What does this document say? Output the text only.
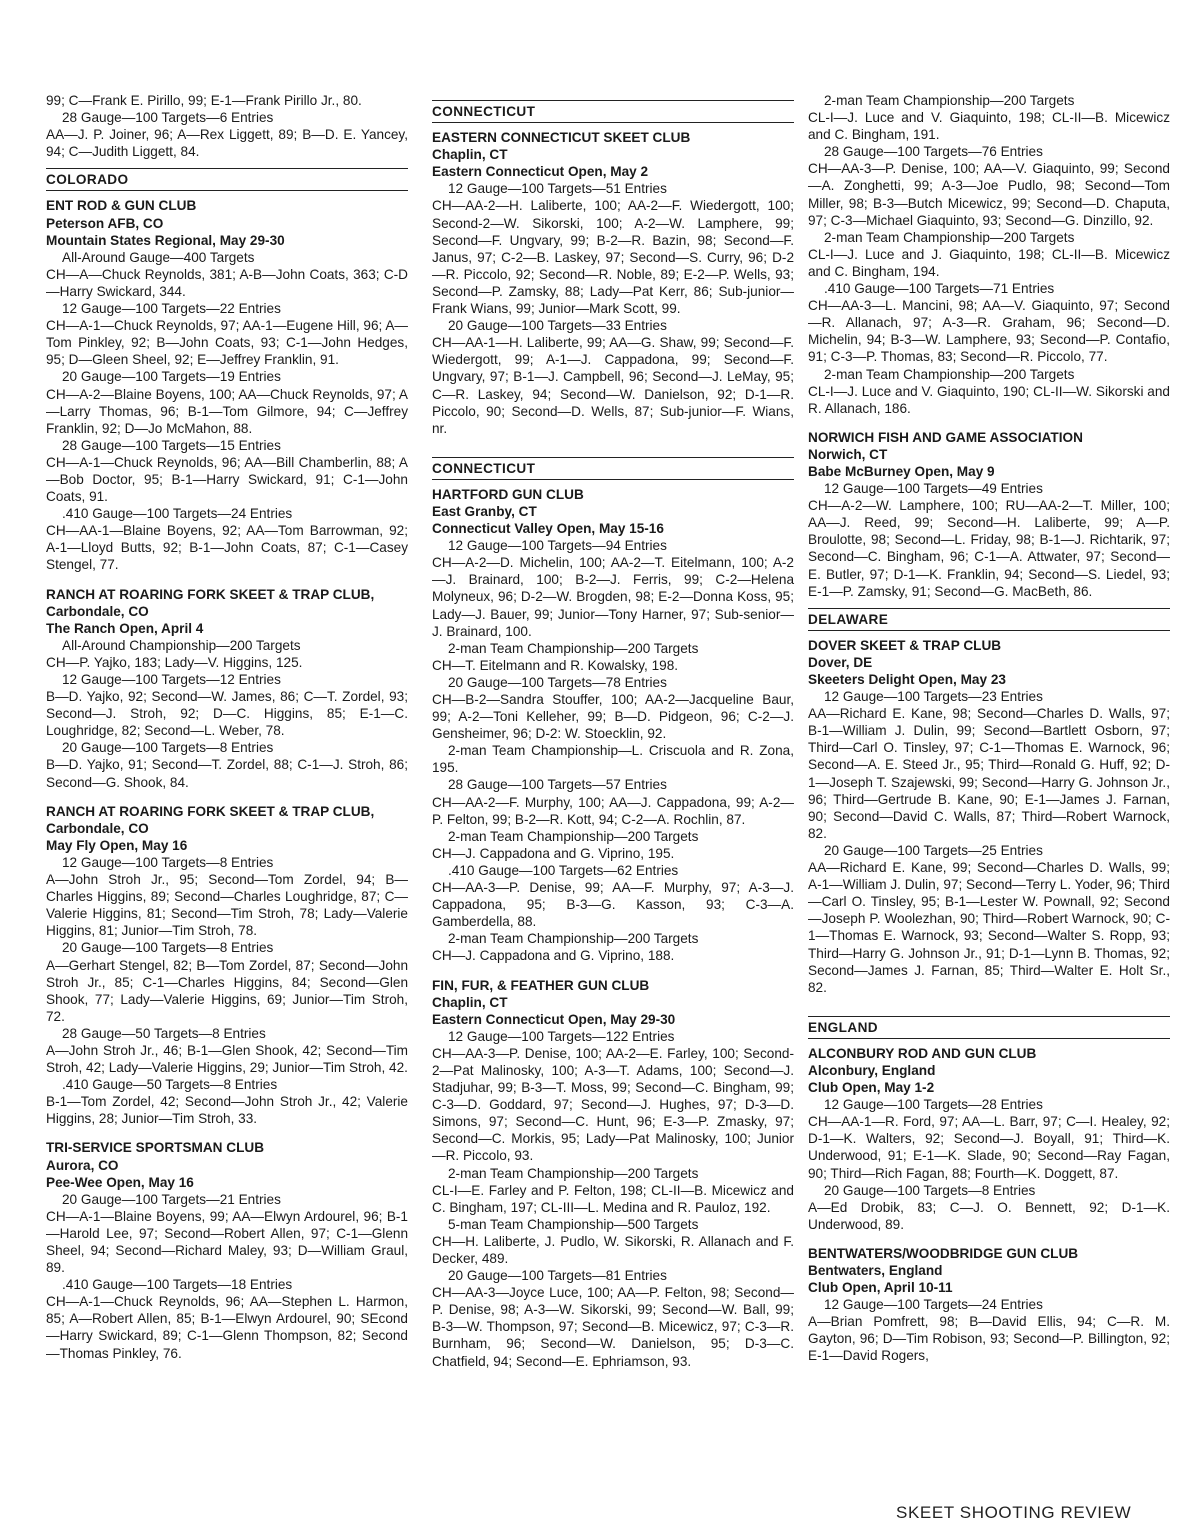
99; C—Frank E. Pirillo, 99; E-1—Frank Pirillo Jr., 80.
28 Gauge—100 Targets—6 Entries
AA—J. P. Joiner, 96; A—Rex Liggett, 89; B—D. E. Yancey, 94; C—Judith Liggett, 84.
COLORADO
ENT ROD & GUN CLUB
Peterson AFB, CO
Mountain States Regional, May 29-30
All-Around Gauge—400 Targets
CH—A—Chuck Reynolds, 381; A-B—John Coats, 363; C-D—Harry Swickard, 344.
12 Gauge—100 Targets—22 Entries
CH—A-1—Chuck Reynolds, 97; AA-1—Eugene Hill, 96; A—Tom Pinkley, 92; B—John Coats, 93; C-1—John Hedges, 95; D—Gleen Sheel, 92; E—Jeffrey Franklin, 91.
20 Gauge—100 Targets—19 Entries
CH—A-2—Blaine Boyens, 100; AA—Chuck Reynolds, 97; A—Larry Thomas, 96; B-1—Tom Gilmore, 94; C—Jeffrey Franklin, 92; D—Jo McMahon, 88.
28 Gauge—100 Targets—15 Entries
CH—A-1—Chuck Reynolds, 96; AA—Bill Chamberlin, 88; A—Bob Doctor, 95; B-1—Harry Swickard, 91; C-1—John Coats, 91.
.410 Gauge—100 Targets—24 Entries
CH—AA-1—Blaine Boyens, 92; AA—Tom Barrowman, 92; A-1—Lloyd Butts, 92; B-1—John Coats, 87; C-1—Casey Stengel, 77.
RANCH AT ROARING FORK SKEET & TRAP CLUB, Carbondale, CO
The Ranch Open, April 4
All-Around Championship—200 Targets
CH—P. Yajko, 183; Lady—V. Higgins, 125.
12 Gauge—100 Targets—12 Entries
B—D. Yajko, 92; Second—W. James, 86; C—T. Zordel, 93; Second—J. Stroh, 92; D—C. Higgins, 85; E-1—C. Loughridge, 82; Second—L. Weber, 78.
20 Gauge—100 Targets—8 Entries
B—D. Yajko, 91; Second—T. Zordel, 88; C-1—J. Stroh, 86; Second—G. Shook, 84.
RANCH AT ROARING FORK SKEET & TRAP CLUB, Carbondale, CO
May Fly Open, May 16
12 Gauge—100 Targets—8 Entries
A—John Stroh Jr., 95; Second—Tom Zordel, 94; B—Charles Higgins, 89; Second—Charles Loughridge, 87; C—Valerie Higgins, 81; Second—Tim Stroh, 78; Lady—Valerie Higgins, 81; Junior—Tim Stroh, 78.
20 Gauge—100 Targets—8 Entries
A—Gerhart Stengel, 82; B—Tom Zordel, 87; Second—John Stroh Jr., 85; C-1—Charles Higgins, 84; Second—Glen Shook, 77; Lady—Valerie Higgins, 69; Junior—Tim Stroh, 72.
28 Gauge—50 Targets—8 Entries
A—John Stroh Jr., 46; B-1—Glen Shook, 42; Second—Tim Stroh, 42; Lady—Valerie Higgins, 29; Junior—Tim Stroh, 42.
.410 Gauge—50 Targets—8 Entries
B-1—Tom Zordel, 42; Second—John Stroh Jr., 42; Valerie Higgins, 28; Junior—Tim Stroh, 33.
TRI-SERVICE SPORTSMAN CLUB
Aurora, CO
Pee-Wee Open, May 16
20 Gauge—100 Targets—21 Entries
CH—A-1—Blaine Boyens, 99; AA—Elwyn Ardourel, 96; B-1—Harold Lee, 97; Second—Robert Allen, 97; C-1—Glenn Sheel, 94; Second—Richard Maley, 93; D—William Graul, 89.
.410 Gauge—100 Targets—18 Entries
CH—A-1—Chuck Reynolds, 96; AA—Stephen L. Harmon, 85; A—Robert Allen, 85; B-1—Elwyn Ardourel, 90; SEcond—Harry Swickard, 89; C-1—Glenn Thompson, 82; Second—Thomas Pinkley, 76.
CONNECTICUT
EASTERN CONNECTICUT SKEET CLUB
Chaplin, CT
Eastern Connecticut Open, May 2
12 Gauge—100 Targets—51 Entries
CH—AA-2—H. Laliberte, 100; AA-2—F. Wiedergott, 100; Second-2—W. Sikorski, 100; A-2—W. Lamphere, 99; Second—F. Ungvary, 99; B-2—R. Bazin, 98; Second—F. Janus, 97; C-2—B. Laskey, 97; Second—S. Curry, 96; D-2—R. Piccolo, 92; Second—R. Noble, 89; E-2—P. Wells, 93; Second—P. Zamsky, 88; Lady—Pat Kerr, 86; Sub-junior—Frank Wians, 99; Junior—Mark Scott, 99.
20 Gauge—100 Targets—33 Entries
CH—AA-1—H. Laliberte, 99; AA—G. Shaw, 99; Second—F. Wiedergott, 99; A-1—J. Cappadona, 99; Second—F. Ungvary, 97; B-1—J. Campbell, 96; Second—J. LeMay, 95; C—R. Laskey, 94; Second—W. Danielson, 92; D-1—R. Piccolo, 90; Second—D. Wells, 87; Sub-junior—F. Wians, nr.
CONNECTICUT
HARTFORD GUN CLUB
East Granby, CT
Connecticut Valley Open, May 15-16
12 Gauge—100 Targets—94 Entries
CH—A-2—D. Michelin, 100; AA-2—T. Eitelmann, 100; A-2—J. Brainard, 100; B-2—J. Ferris, 99; C-2—Helena Molyneux, 96; D-2—W. Brogden, 98; E-2—Donna Koss, 95; Lady—J. Bauer, 99; Junior—Tony Harner, 97; Sub-senior—J. Brainard, 100.
2-man Team Championship—200 Targets
CH—T. Eitelmann and R. Kowalsky, 198.
20 Gauge—100 Targets—78 Entries
CH—B-2—Sandra Stouffer, 100; AA-2—Jacqueline Baur, 99; A-2—Toni Kelleher, 99; B—D. Pidgeon, 96; C-2—J. Gensheimer, 96; D-2: W. Stoecklin, 92.
2-man Team Championship—L. Criscuola and R. Zona, 195.
28 Gauge—100 Targets—57 Entries
CH—AA-2—F. Murphy, 100; AA—J. Cappadona, 99; A-2—P. Felton, 99; B-2—R. Kott, 94; C-2—A. Rochlin, 87.
2-man Team Championship—200 Targets
CH—J. Cappadona and G. Viprino, 195.
.410 Gauge—100 Targets—62 Entries
CH—AA-3—P. Denise, 99; AA—F. Murphy, 97; A-3—J. Cappadona, 95; B-3—G. Kasson, 93; C-3—A. Gamberdella, 88.
2-man Team Championship—200 Targets
CH—J. Cappadona and G. Viprino, 188.
FIN, FUR, & FEATHER GUN CLUB
Chaplin, CT
Eastern Connecticut Open, May 29-30
12 Gauge—100 Targets—122 Entries
CH—AA-3—P. Denise, 100; AA-2—E. Farley, 100; Second-2—Pat Malinosky, 100; A-3—T. Adams, 100; Second—J. Stadjuhar, 99; B-3—T. Moss, 99; Second—C. Bingham, 99; C-3—D. Goddard, 97; Second—J. Hughes, 97; D-3—D. Simons, 97; Second—C. Hunt, 96; E-3—P. Zmasky, 97; Second—C. Morkis, 95; Lady—Pat Malinosky, 100; Junior—R. Piccolo, 93.
2-man Team Championship—200 Targets
CL-I—E. Farley and P. Felton, 198; CL-II—B. Micewicz and C. Bingham, 197; CL-III—L. Medina and R. Pauloz, 192.
5-man Team Championship—500 Targets
CH—H. Laliberte, J. Pudlo, W. Sikorski, R. Allanach and F. Decker, 489.
20 Gauge—100 Targets—81 Entries
CH—AA-3—Joyce Luce, 100; AA—P. Felton, 98; Second—P. Denise, 98; A-3—W. Sikorski, 99; Second—W. Ball, 99; B-3—W. Thompson, 97; Second—B. Micewicz, 97; C-3—R. Burnham, 96; Second—W. Danielson, 95; D-3—C. Chatfield, 94; Second—E. Ephriamson, 93.
2-man Team Championship—200 Targets
CL-I—J. Luce and V. Giaquinto, 198; CL-II—B. Micewicz and C. Bingham, 191.
28 Gauge—100 Targets—76 Entries
CH—AA-3—P. Denise, 100; AA—V. Giaquinto, 99; Second—A. Zonghetti, 99; A-3—Joe Pudlo, 98; Second—Tom Miller, 98; B-3—Butch Micewicz, 99; Second—D. Chaputa, 97; C-3—Michael Giaquinto, 93; Second—G. Dinzillo, 92.
2-man Team Championship—200 Targets
CL-I—J. Luce and J. Giaquinto, 198; CL-II—B. Micewicz and C. Bingham, 194.
.410 Gauge—100 Targets—71 Entries
CH—AA-3—L. Mancini, 98; AA—V. Giaquinto, 97; Second—R. Allanach, 97; A-3—R. Graham, 96; Second—D. Michelin, 94; B-3—W. Lamphere, 93; Second—P. Contafio, 91; C-3—P. Thomas, 83; Second—R. Piccolo, 77.
2-man Team Championship—200 Targets
CL-I—J. Luce and V. Giaquinto, 190; CL-II—W. Sikorski and R. Allanach, 186.
NORWICH FISH AND GAME ASSOCIATION
Norwich, CT
Babe McBurney Open, May 9
12 Gauge—100 Targets—49 Entries
CH—A-2—W. Lamphere, 100; RU—AA-2—T. Miller, 100; AA—J. Reed, 99; Second—H. Laliberte, 99; A—P. Broulotte, 98; Second—L. Friday, 98; B-1—J. Richtarik, 97; Second—C. Bingham, 96; C-1—A. Attwater, 97; Second—E. Butler, 97; D-1—K. Franklin, 94; Second—S. Liedel, 93; E-1—P. Zamsky, 91; Second—G. MacBeth, 86.
DELAWARE
DOVER SKEET & TRAP CLUB
Dover, DE
Skeeters Delight Open, May 23
12 Gauge—100 Targets—23 Entries
AA—Richard E. Kane, 98; Second—Charles D. Walls, 97; B-1—William J. Dulin, 99; Second—Bartlett Osborn, 97; Third—Carl O. Tinsley, 97; C-1—Thomas E. Warnock, 96; Second—A. E. Steed Jr., 95; Third—Ronald G. Huff, 92; D-1—Joseph T. Szajewski, 99; Second—Harry G. Johnson Jr., 96; Third—Gertrude B. Kane, 90; E-1—James J. Farnan, 90; Second—David C. Walls, 87; Third—Robert Warnock, 82.
20 Gauge—100 Targets—25 Entries
AA—Richard E. Kane, 99; Second—Charles D. Walls, 99; A-1—William J. Dulin, 97; Second—Terry L. Yoder, 96; Third—Carl O. Tinsley, 95; B-1—Lester W. Pownall, 92; Second—Joseph P. Woolezhan, 90; Third—Robert Warnock, 90; C-1—Thomas E. Warnock, 93; Second—Walter S. Ropp, 93; Third—Harry G. Johnson Jr., 91; D-1—Lynn B. Thomas, 92; Second—James J. Farnan, 85; Third—Walter E. Holt Sr., 82.
ENGLAND
ALCONBURY ROD AND GUN CLUB
Alconbury, England
Club Open, May 1-2
12 Gauge—100 Targets—28 Entries
CH—AA-1—R. Ford, 97; AA—L. Barr, 97; C—I. Healey, 92; D-1—K. Walters, 92; Second—J. Boyall, 91; Third—K. Underwood, 91; E-1—K. Slade, 90; Second—Ray Fagan, 90; Third—Rich Fagan, 88; Fourth—K. Doggett, 87.
20 Gauge—100 Targets—8 Entries
A—Ed Drobik, 83; C—J. O. Bennett, 92; D-1—K. Underwood, 89.
BENTWATERS/WOODBRIDGE GUN CLUB
Bentwaters, England
Club Open, April 10-11
12 Gauge—100 Targets—24 Entries
A—Brian Pomfrett, 98; B—David Ellis, 94; C—R. M. Gayton, 96; D—Tim Robison, 93; Second—P. Billington, 92; E-1—David Rogers,
SKEET SHOOTING REVIEW
